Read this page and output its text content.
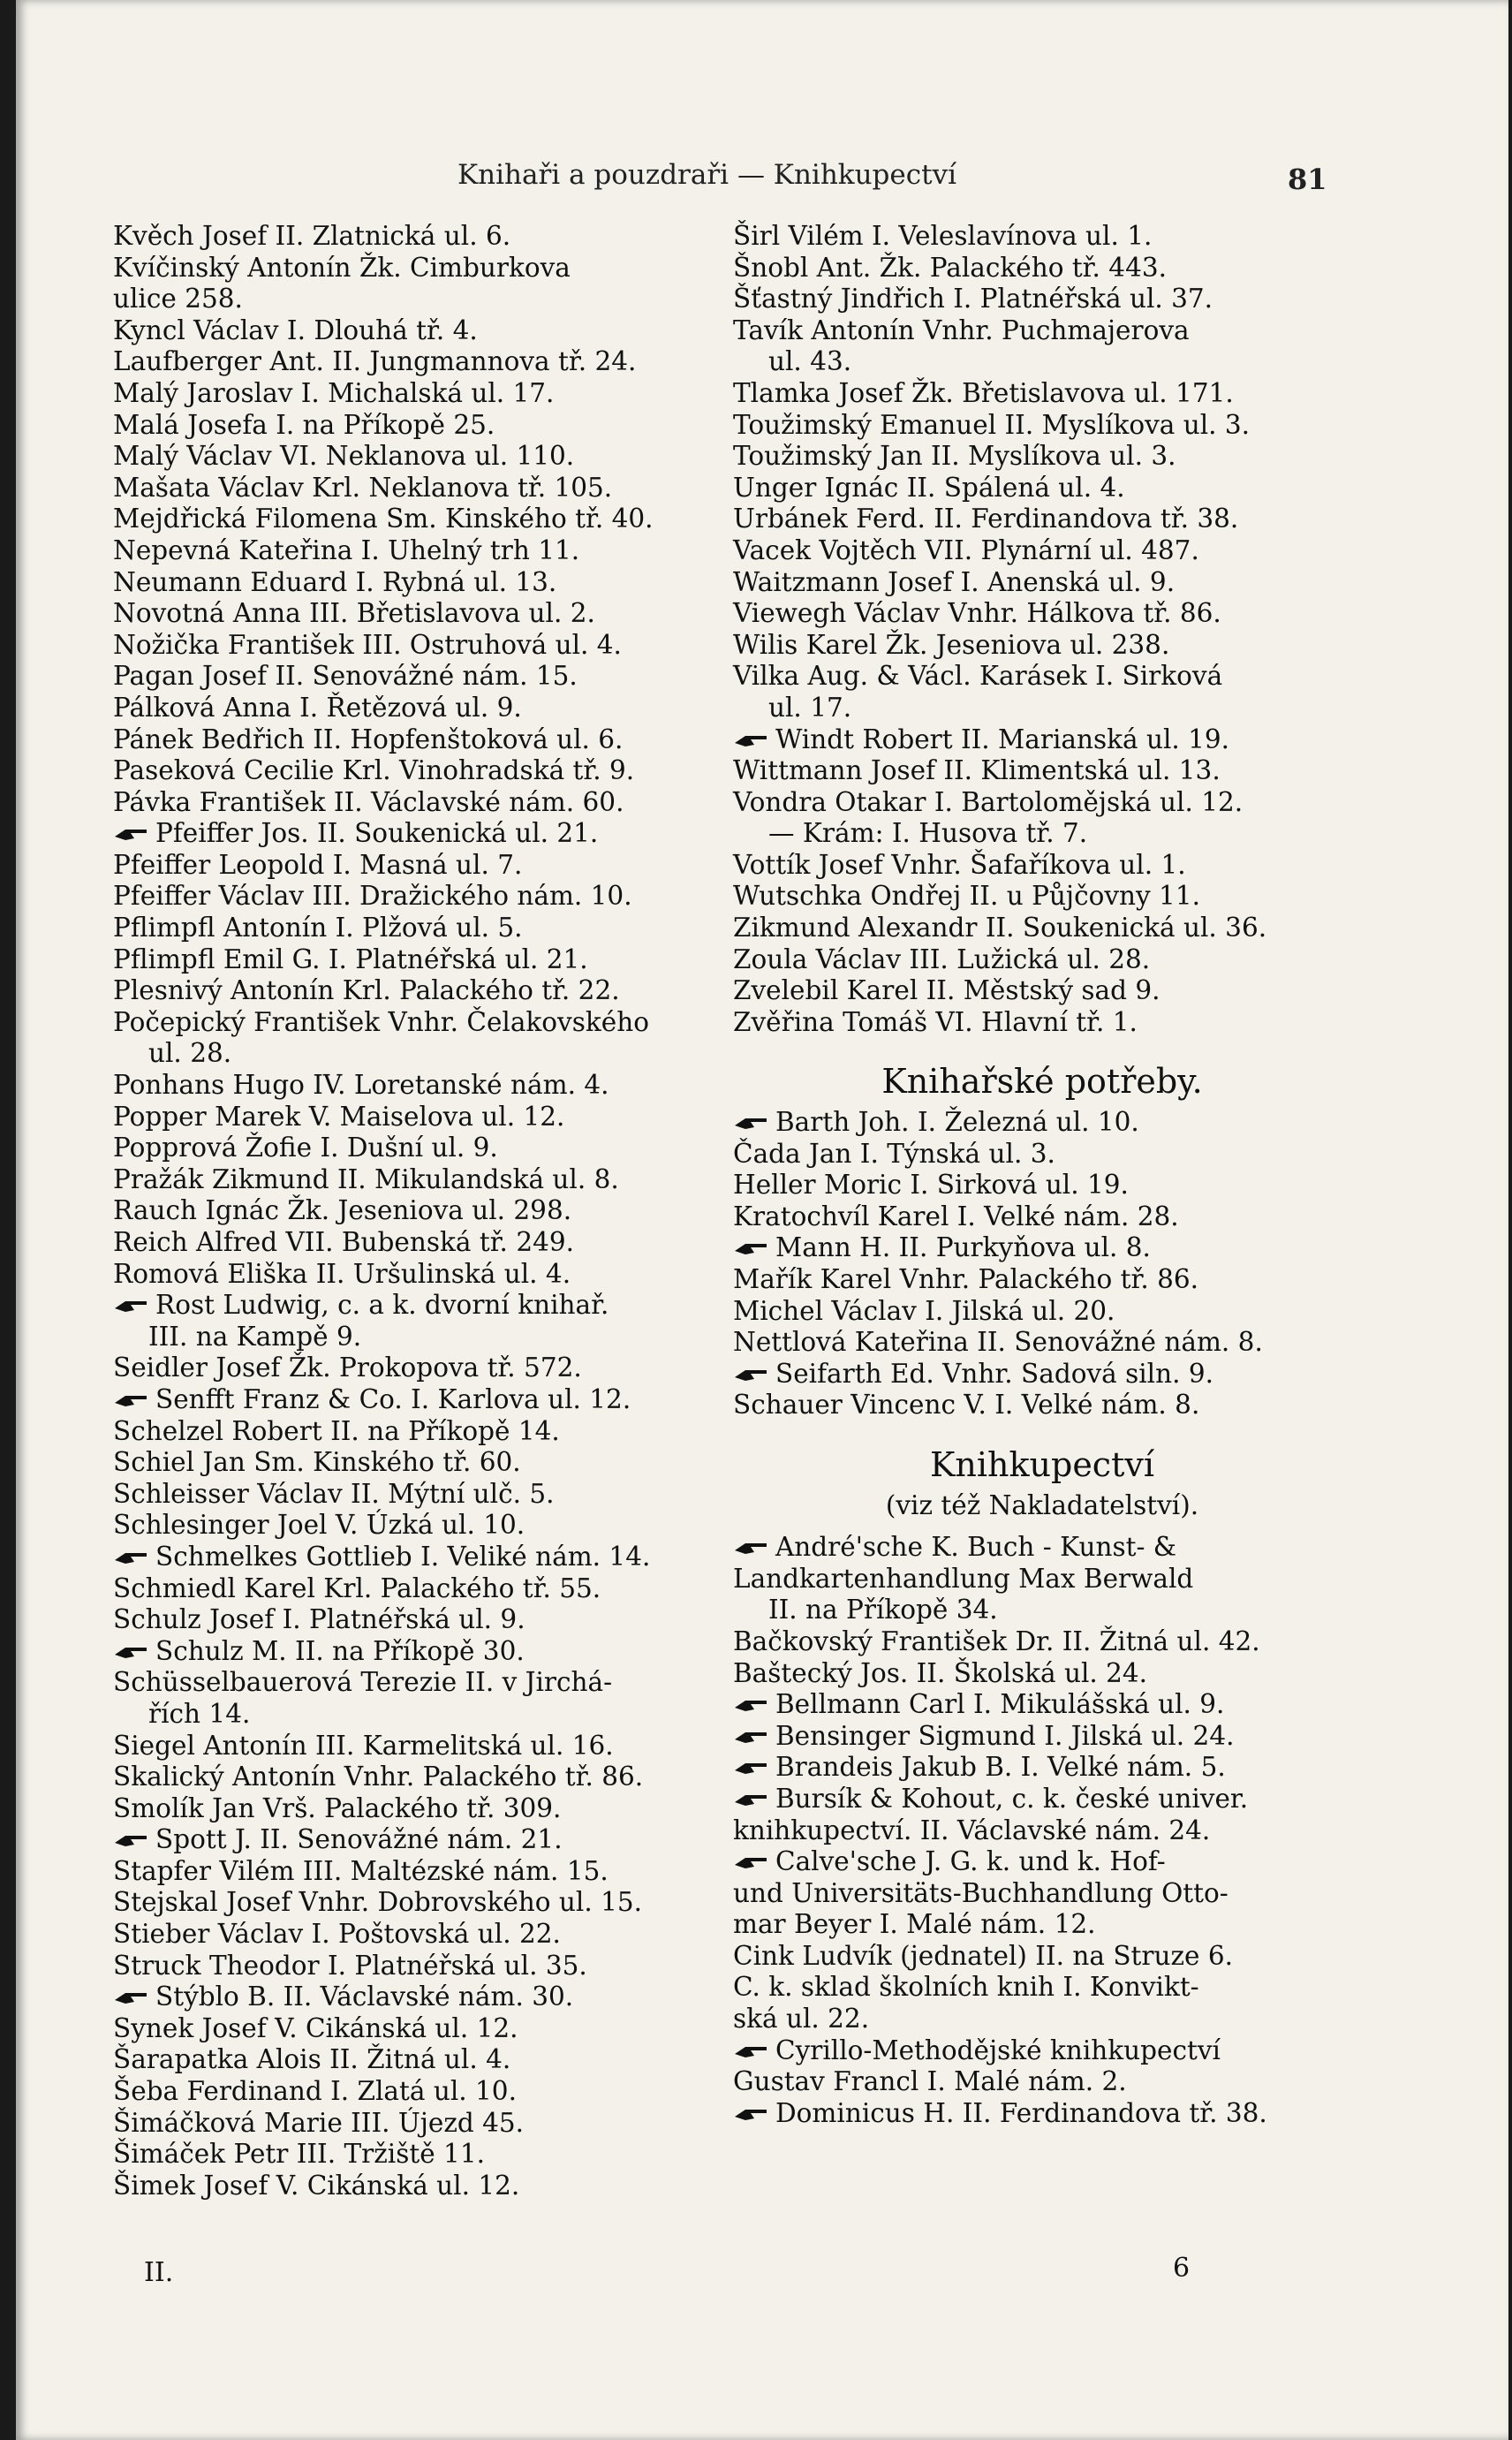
Knihaři a pouzdraři — Knihkupectví	81

Kvěch Josef II. Zlatnická ul. 6.

Kvíčinský Antonín Žk. Cimburkova

ulice 258.

Kyncl Václav I. Dlouhá tř. 4.

Laufberger Ant. II. Jungmannova tř. 24.

Malý Jaroslav I. Michalská ul. 17.

Malá Josefa I. na Příkopě 25.

Malý Václav VI. Neklanova ul. 110.

Mašata Václav Krl. Neklanova tř. 105.

Mejdřická Filomena Sm. Kinského tř. 40.

Nepevná Kateřina I. Uhelný trh 11.

Neumann Eduard I. Rybná ul. 13.

Novotná Anna III. Břetislavova ul. 2.

Nožička František III. Ostruhová ul. 4.

Pagan Josef II. Senovážné nám. 15.

Pálková Anna I. Řetězová ul. 9.

Pánek Bedřich II. Hopfenštoková ul. 6.

Paseková Cecilie Krl. Vinohradská tř. 9.

Pávka František II. Václavské nám. 60.

Pfeiffer Jos. II. Soukenická ul. 21.

Pfeiffer Leopold I. Masná ul. 7.

Pfeiffer Václav III. Dražického nám. 10.

Pflimpfl Antonín I. Plžová ul. 5.

Pflimpfl Emil G. I. Platnéřská ul. 21.

Plesnivý Antonín Krl. Palackého tř. 22.

Počepický František Vnhr. Čelakovského

ul. 28.

Ponhans Hugo IV. Loretanské nám. 4.

Popper Marek V. Maiselova ul. 12.

Popprová Žofie I. Dušní ul. 9.

Pražák Zikmund II. Mikulandská ul. 8.

Rauch Ignác Žk. Jeseniova ul. 298.

Reich Alfred VII. Bubenská tř. 249.

Romová Eliška II. Uršulinská ul. 4.

Rost Ludwig, c. a k. dvorní knihař.

III. na Kampě 9.

Seidler Josef Žk. Prokopova tř. 572.

Senfft Franz & Co. I. Karlova ul. 12.

Schelzel Robert II. na Příkopě 14.

Schiel Jan Sm. Kinského tř. 60.

Schleisser Václav II. Mýtní ulč. 5.

Schlesinger Joel V. Úzká ul. 10.

Schmelkes Gottlieb I. Veliké nám. 14.

Schmiedl Karel Krl. Palackého tř. 55.

Schulz Josef I. Platnéřská ul. 9.

Schulz M. II. na Příkopě 30.

Schüsselbauerová Terezie II. v Jirchá-

řích 14.

Siegel Antonín III. Karmelitská ul. 16.

Skalický Antonín Vnhr. Palackého tř. 86.

Smolík Jan Vrš. Palackého tř. 309.

Spott J. II. Senovážné nám. 21.

Stapfer Vilém III. Maltézské nám. 15.

Stejskal Josef Vnhr. Dobrovského ul. 15.

Stieber Václav I. Poštovská ul. 22.

Struck Theodor I. Platnéřská ul. 35.

Stýblo B. II. Václavské nám. 30.

Synek Josef V. Cikánská ul. 12.

Šarapatka Alois II. Žitná ul. 4.

Šeba Ferdinand I. Zlatá ul. 10.

Šimáčková Marie III. Újezd 45.

Šimáček Petr III. Tržiště 11.

Šimek Josef V. Cikánská ul. 12.

Širl Vilém I. Veleslavínova ul. 1.

Šnobl Ant. Žk. Palackého tř. 443.

Šťastný Jindřich I. Platnéřská ul. 37.

Tavík Antonín Vnhr. Puchmajerova

ul. 43.

Tlamka Josef Žk. Břetislavova ul. 171.

Toužimský Emanuel II. Myslíkova ul. 3.

Toužimský Jan II. Myslíkova ul. 3.

Unger Ignác II. Spálená ul. 4.

Urbánek Ferd. II. Ferdinandova tř. 38.

Vacek Vojtěch VII. Plynární ul. 487.

Waitzmann Josef I. Anenská ul. 9.

Viewegh Václav Vnhr. Hálkova tř. 86.

Wilis Karel Žk. Jeseniova ul. 238.

Vilka Aug. & Václ. Karásek I. Sirková

ul. 17.

Windt Robert II. Marianská ul. 19.

Wittmann Josef II. Klimentská ul. 13.

Vondra Otakar I. Bartolomějská ul. 12.

— Krám: I. Husova tř. 7.

Vottík Josef Vnhr. Šafaříkova ul. 1.

Wutschka Ondřej II. u Půjčovny 11.

Zikmund Alexandr II. Soukenická ul. 36.

Zoula Václav III. Lužická ul. 28.

Zvelebil Karel II. Městský sad 9.

Zvěřina Tomáš VI. Hlavní tř. 1.

Knihařské potřeby.

Barth Joh. I. Železná ul. 10.

Čada Jan I. Týnská ul. 3.

Heller Moric I. Sirková ul. 19.

Kratochvíl Karel I. Velké nám. 28.

Mann H. II. Purkyňova ul. 8.

Mařík Karel Vnhr. Palackého tř. 86.

Michel Václav I. Jilská ul. 20.

Nettlová Kateřina II. Senovážné nám. 8.

Seifarth Ed. Vnhr. Sadová siln. 9.

Schauer Vincenc V. I. Velké nám. 8.

Knihkupectví

(viz též Nakladatelství).

André'sche K. Buch - Kunst- &

Landkartenhandlung Max Berwald

II. na Příkopě 34.

Bačkovský František Dr. II. Žitná ul. 42.

Baštecký Jos. II. Školská ul. 24.

Bellmann Carl I. Mikulášská ul. 9.

Bensinger Sigmund I. Jilská ul. 24.

Brandeis Jakub B. I. Velké nám. 5.

Bursík & Kohout, c. k. české univer.

knihkupectví. II. Václavské nám. 24.

Calve'sche J. G. k. und k. Hof-

und Universitäts-Buchhandlung Otto-

mar Beyer I. Malé nám. 12.

Cink Ludvík (jednatel) II. na Struze 6.

C. k. sklad školních knih I. Konvikt-

ská ul. 22.

Cyrillo-Methodějské knihkupectví

Gustav Francl I. Malé nám. 2.

Dominicus H. II. Ferdinandova tř. 38.

II.	6
